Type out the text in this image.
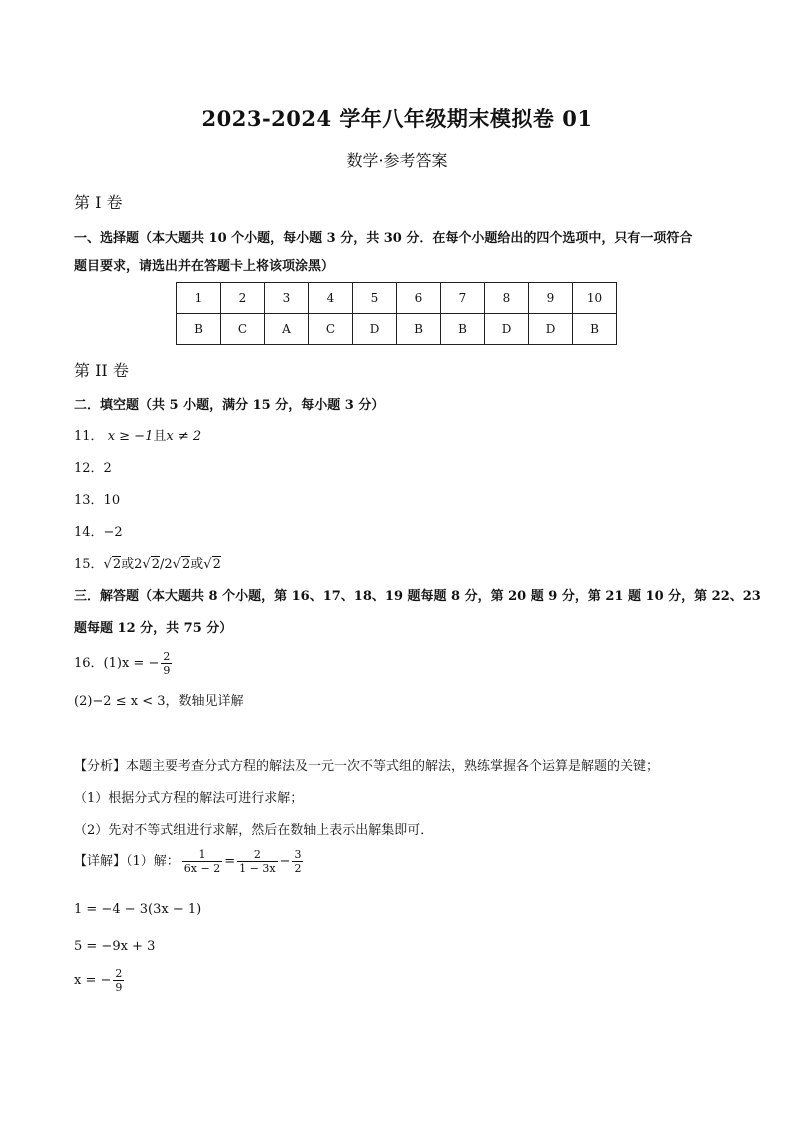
2023-2024 学年八年级期末模拟卷 01
数学·参考答案
第 I 卷
一、选择题（本大题共 10 个小题，每小题 3 分，共 30 分．在每个小题给出的四个选项中，只有一项符合
题目要求，请选出并在答题卡上将该项涂黑）
1	2	3	4	5	6	7	8	9	10
B	C	A	C	D	B	B	D	D	B
第 II 卷
二．填空题（共 5 小题，满分 15 分，每小题 3 分）
11． x ≥ −1且x ≠ 2
12．2
13．10
14．−2
15．√2或2√2/2√2或√2
三．解答题（本大题共 8 个小题，第 16、17、18、19 题每题 8 分，第 20 题 9 分，第 21 题 10 分，第 22、23
题每题 12 分，共 75 分）
16．(1)x = − $\frac{2}{9}$
(2)−2 ≤ x < 3，数轴见详解
【分析】本题主要考查分式方程的解法及一元一次不等式组的解法，熟练掌握各个运算是解题的关键；
（1）根据分式方程的解法可进行求解；
（2）先对不等式组进行求解，然后在数轴上表示出解集即可．
【详解】（1）解： $\frac{1}{6x - 2} = \frac{2}{1 - 3x} - \frac{3}{2}$
1 = −4 − 3(3x − 1)
5 = −9x + 3
x = − $\frac{2}{9}$
